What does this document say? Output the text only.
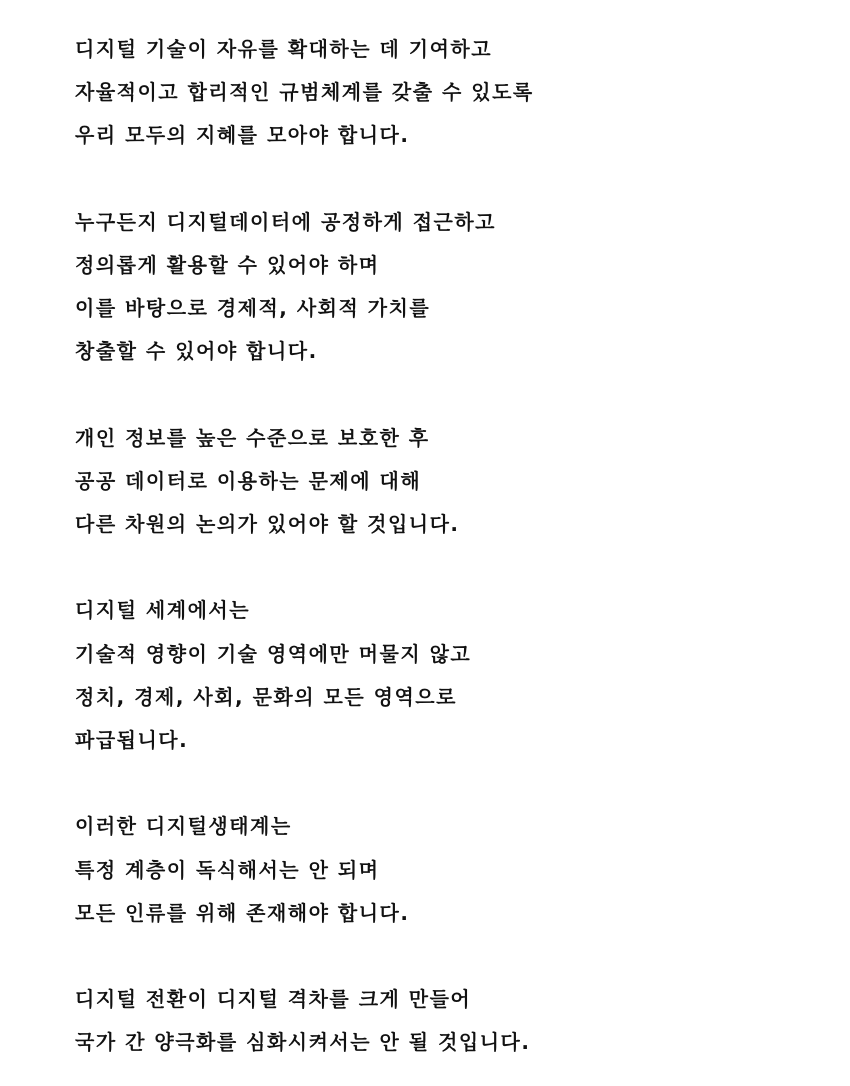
디지털 기술이 자유를 확대하는 데 기여하고
자율적이고 합리적인 규범체계를 갖출 수 있도록
우리 모두의 지혜를 모아야 합니다.
누구든지 디지털데이터에 공정하게 접근하고
정의롭게 활용할 수 있어야 하며
이를 바탕으로 경제적, 사회적 가치를
창출할 수 있어야 합니다.
개인 정보를 높은 수준으로 보호한 후
공공 데이터로 이용하는 문제에 대해
다른 차원의 논의가 있어야 할 것입니다.
디지털 세계에서는
기술적 영향이 기술 영역에만 머물지 않고
정치, 경제, 사회, 문화의 모든 영역으로
파급됩니다.
이러한 디지털생태계는
특정 계층이 독식해서는 안 되며
모든 인류를 위해 존재해야 합니다.
디지털 전환이 디지털 격차를 크게 만들어
국가 간 양극화를 심화시켜서는 안 될 것입니다.
